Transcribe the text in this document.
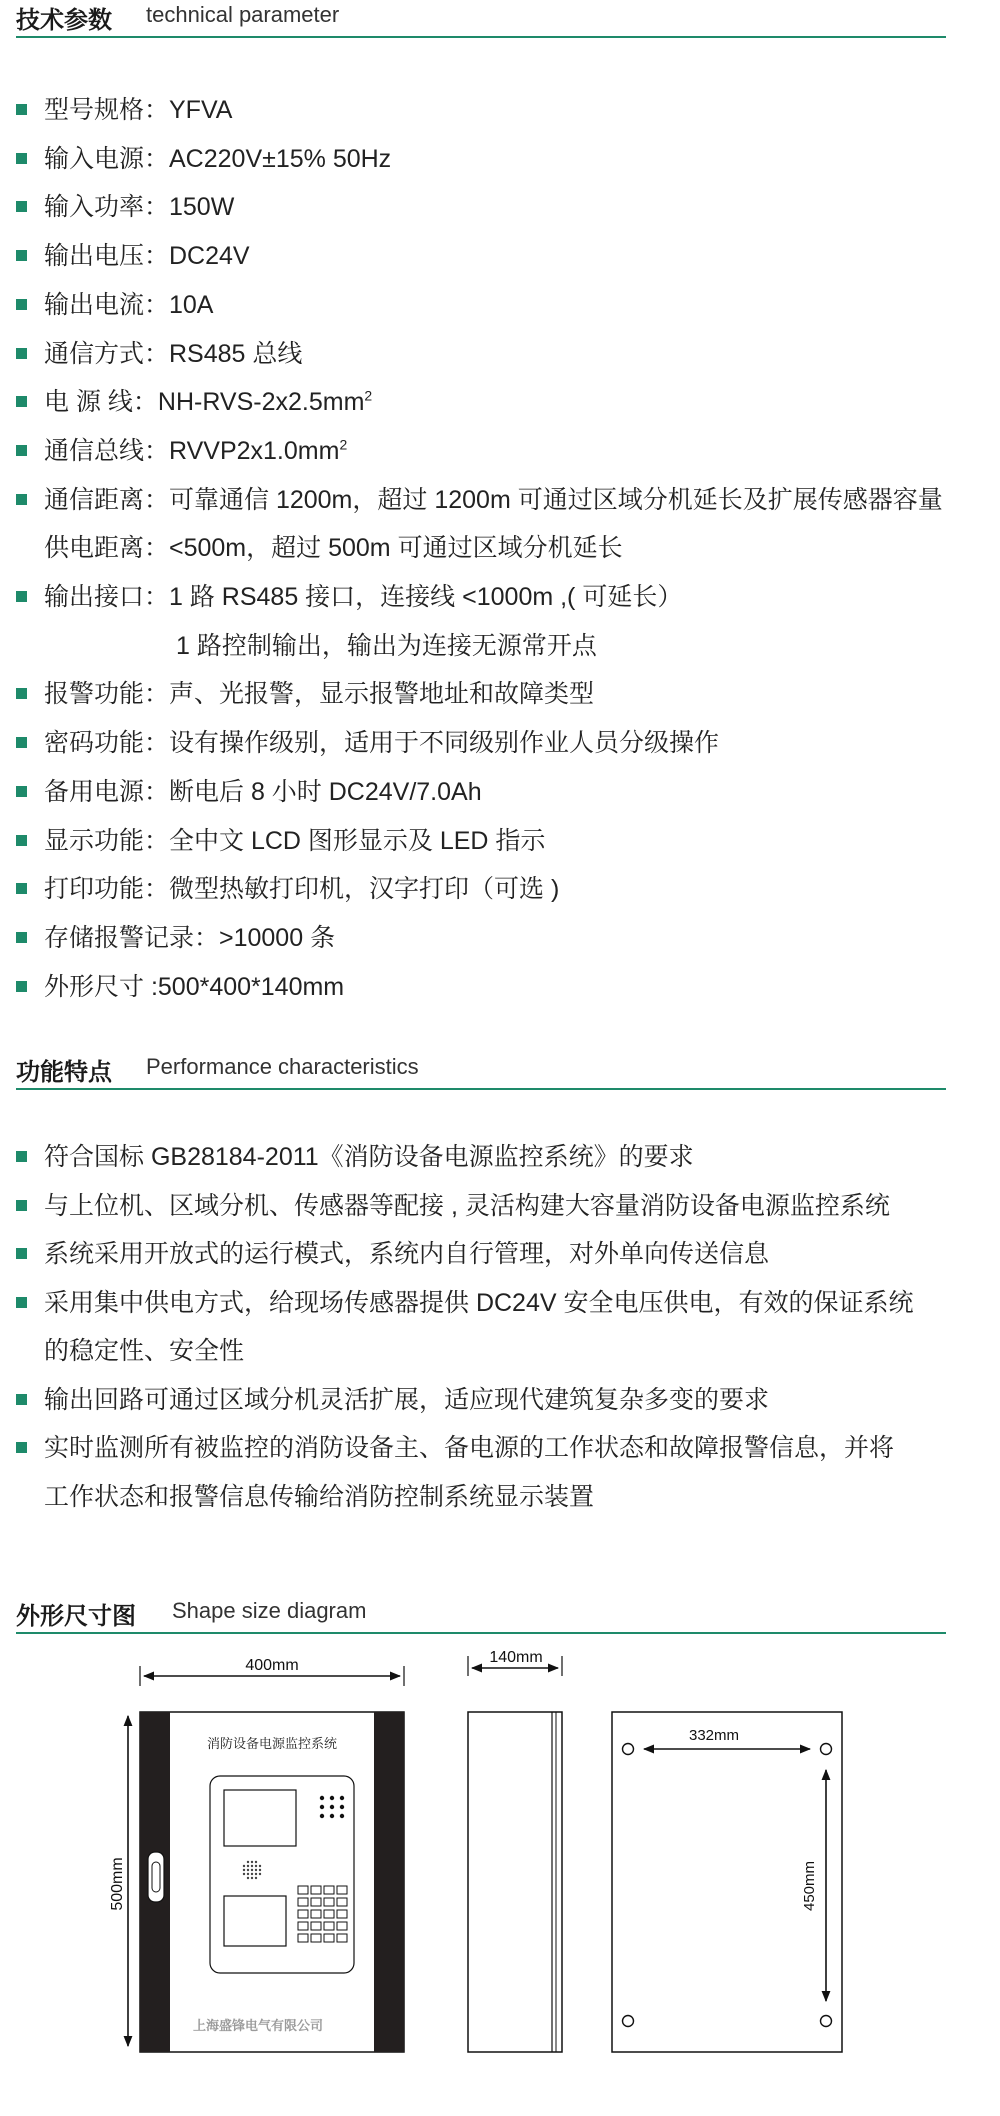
技术参数 technical parameter
型号规格：YFVA
输入电源：AC220V±15% 50Hz
输入功率：150W
输出电压：DC24V
输出电流：10A
通信方式：RS485 总线
电 源 线：$NH-RVS-2x2.5mm^2$
通信总线：$RVVP2x1.0mm^2$
通信距离：可靠通信 1200m，超过 1200m 可通过区域分机延长及扩展传感器容量
供电距离：<500m，超过 500m 可通过区域分机延长
输出接口：1 路 RS485 接口，连接线 <1000m ,( 可延长）
1 路控制输出，输出为连接无源常开点
报警功能：声、光报警，显示报警地址和故障类型
密码功能：设有操作级别，适用于不同级别作业人员分级操作
备用电源：断电后 8 小时 DC24V/7.0Ah
显示功能：全中文 LCD 图形显示及 LED 指示
打印功能：微型热敏打印机，汉字打印（可选 )
存储报警记录：>10000 条
外形尺寸 :500*400*140mm
功能特点 Performance characteristics
符合国标 GB28184-2011《消防设备电源监控系统》的要求
与上位机、区域分机、传感器等配接 , 灵活构建大容量消防设备电源监控系统
系统采用开放式的运行模式，系统内自行管理，对外单向传送信息
采用集中供电方式，给现场传感器提供 DC24V 安全电压供电，有效的保证系统
的稳定性、安全性
输出回路可通过区域分机灵活扩展，适应现代建筑复杂多变的要求
实时监测所有被监控的消防设备主、备电源的工作状态和故障报警信息，并将
工作状态和报警信息传输给消防控制系统显示装置
外形尺寸图 Shape size diagram
400mm
500mm
消防设备电源监控系统
上海盛锋电气有限公司
140mm
332mm
450mm
